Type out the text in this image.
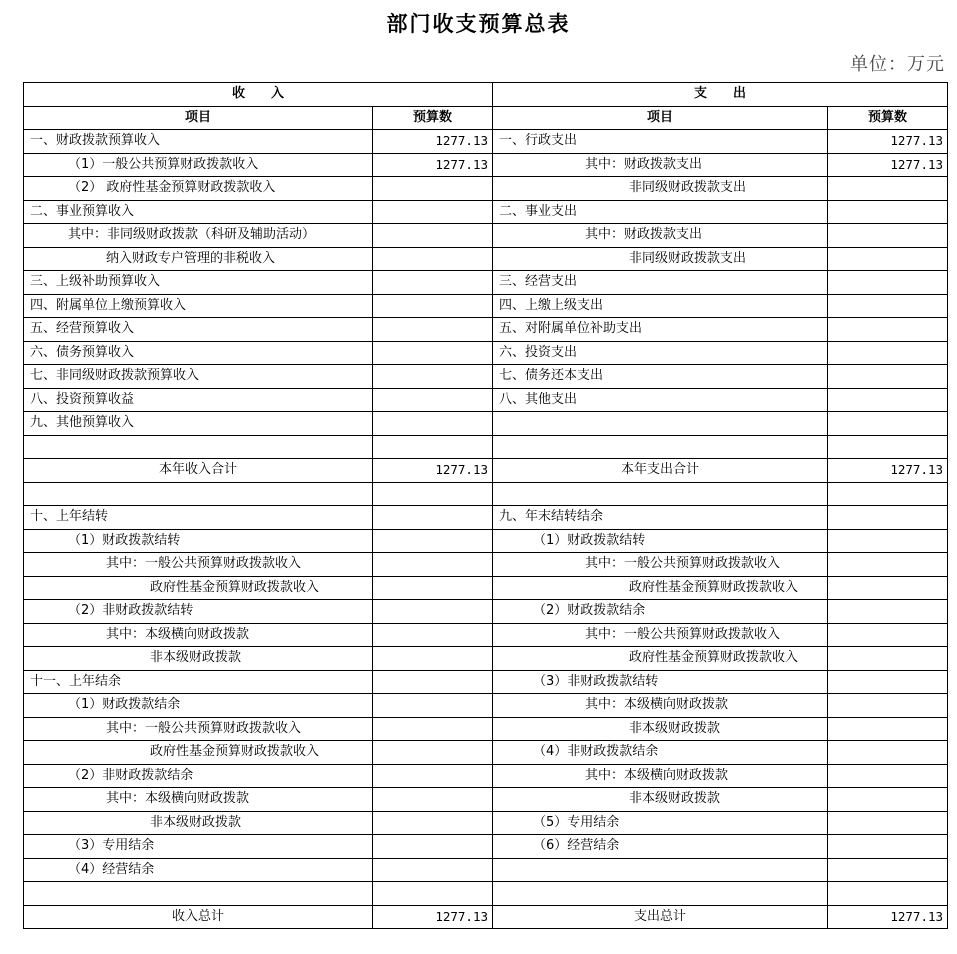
部门收支预算总表
单位：万元
收　　入		支　　出	
项目	预算数	项目	预算数
一、财政拨款预算收入	1277.13	一、行政支出	1277.13
（1）一般公共预算财政拨款收入	1277.13	其中：财政拨款支出	1277.13
（2） 政府性基金预算财政拨款收入		非同级财政拨款支出	
二、事业预算收入		二、事业支出	
其中：非同级财政拨款（科研及辅助活动）		其中：财政拨款支出	
纳入财政专户管理的非税收入		非同级财政拨款支出	
三、上级补助预算收入		三、经营支出	
四、附属单位上缴预算收入		四、上缴上级支出	
五、经营预算收入		五、对附属单位补助支出	
六、债务预算收入		六、投资支出	
七、非同级财政拨款预算收入		七、债务还本支出	
八、投资预算收益		八、其他支出	
九、其他预算收入			

本年收入合计	1277.13	本年支出合计	1277.13

十、上年结转		九、年末结转结余	
（1）财政拨款结转		（1）财政拨款结转	
其中：一般公共预算财政拨款收入		其中：一般公共预算财政拨款收入	
政府性基金预算财政拨款收入		政府性基金预算财政拨款收入	
（2）非财政拨款结转		（2）财政拨款结余	
其中：本级横向财政拨款		其中：一般公共预算财政拨款收入	
非本级财政拨款		政府性基金预算财政拨款收入	
十一、上年结余		（3）非财政拨款结转	
（1）财政拨款结余		其中：本级横向财政拨款	
其中：一般公共预算财政拨款收入		非本级财政拨款	
政府性基金预算财政拨款收入		（4）非财政拨款结余	
（2）非财政拨款结余		其中：本级横向财政拨款	
其中：本级横向财政拨款		非本级财政拨款	
非本级财政拨款		（5）专用结余	
（3）专用结余		（6）经营结余	
（4）经营结余			

收入总计	1277.13	支出总计	1277.13
